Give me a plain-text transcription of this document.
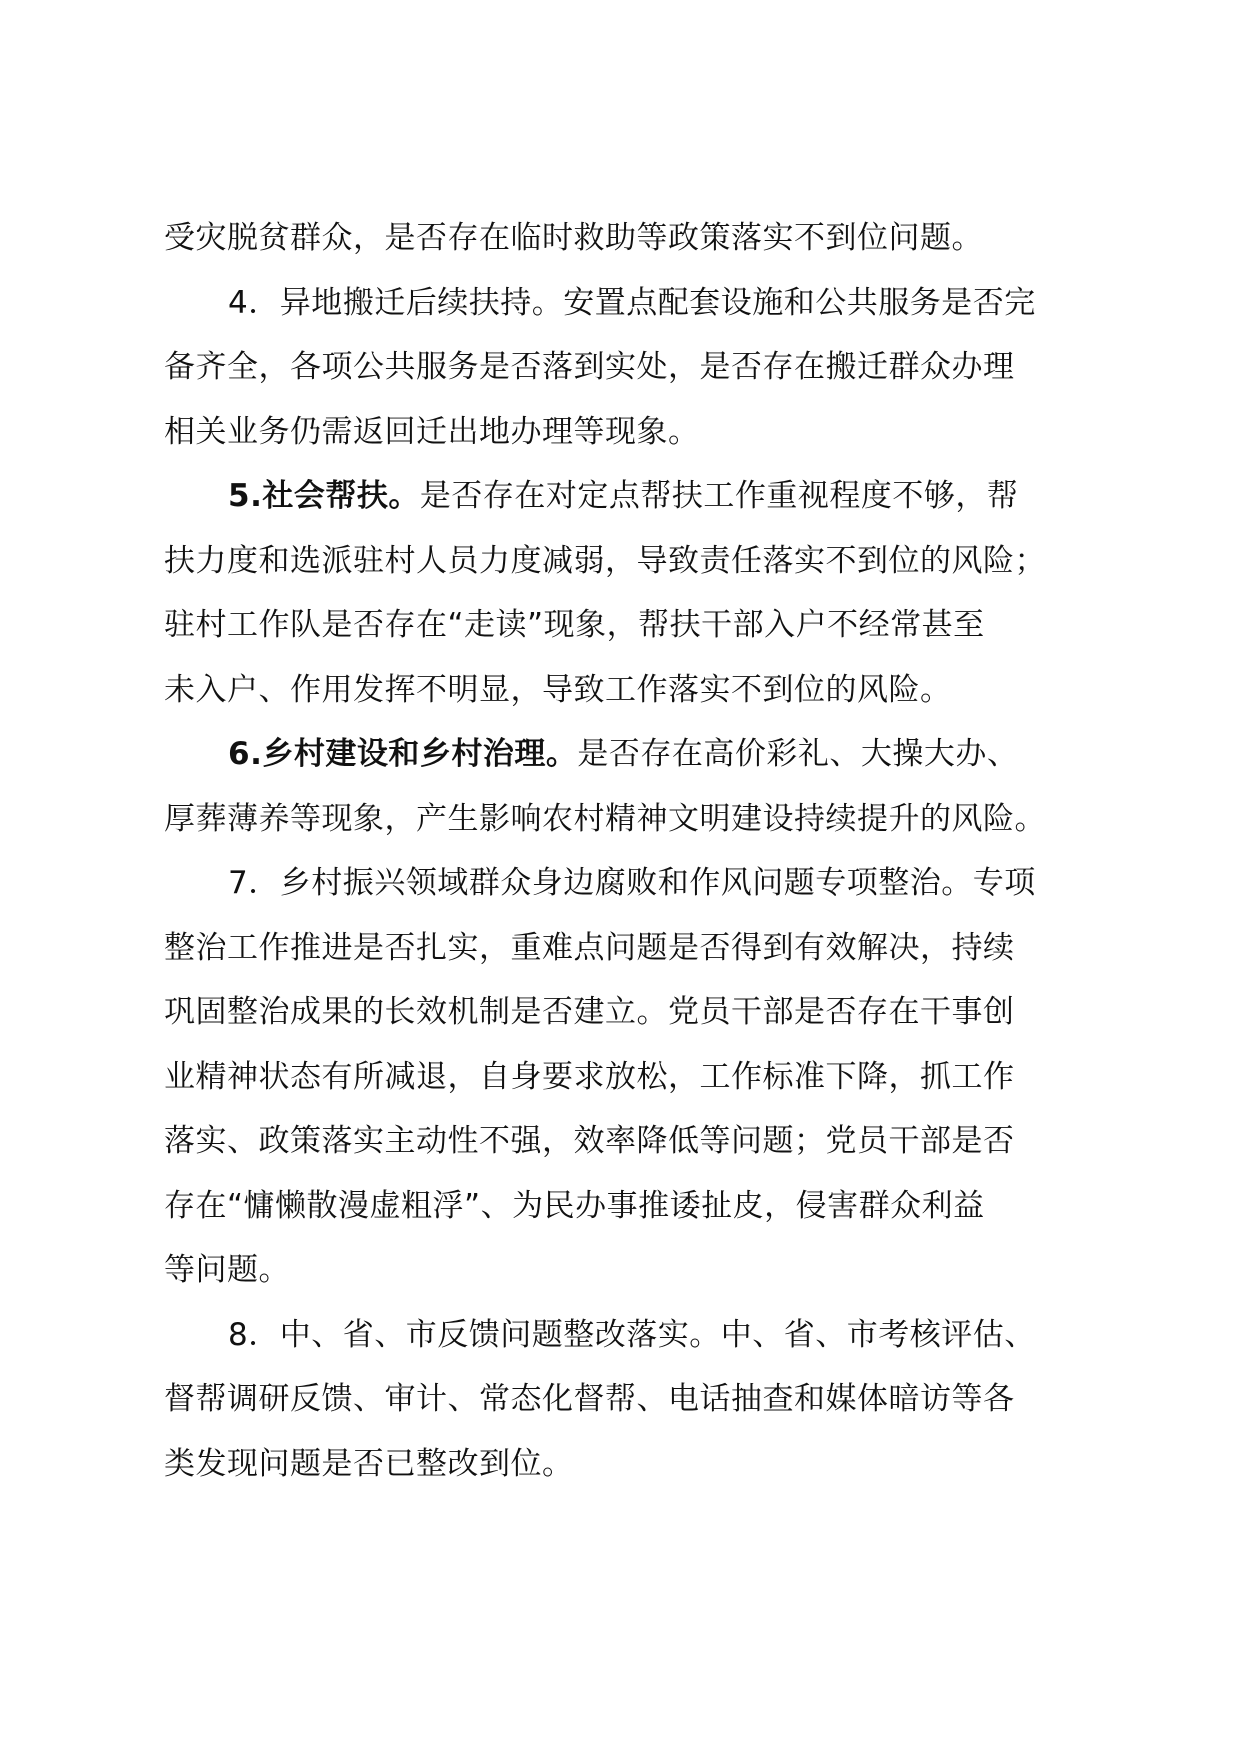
受灾脱贫群众，是否存在临时救助等政策落实不到位问题。
4．异地搬迁后续扶持。安置点配套设施和公共服务是否完
备齐全，各项公共服务是否落到实处，是否存在搬迁群众办理
相关业务仍需返回迁出地办理等现象。
5.社会帮扶。是否存在对定点帮扶工作重视程度不够，帮
扶力度和选派驻村人员力度减弱，导致责任落实不到位的风险；
驻村工作队是否存在“走读”现象，帮扶干部入户不经常甚至
未入户、作用发挥不明显，导致工作落实不到位的风险。
6.乡村建设和乡村治理。是否存在高价彩礼、大操大办、
厚葬薄养等现象，产生影响农村精神文明建设持续提升的风险。
7．乡村振兴领域群众身边腐败和作风问题专项整治。专项
整治工作推进是否扎实，重难点问题是否得到有效解决，持续
巩固整治成果的长效机制是否建立。党员干部是否存在干事创
业精神状态有所减退，自身要求放松，工作标准下降，抓工作
落实、政策落实主动性不强，效率降低等问题；党员干部是否
存在“慵懒散漫虚粗浮”、为民办事推诿扯皮，侵害群众利益
等问题。
8．中、省、市反馈问题整改落实。中、省、市考核评估、
督帮调研反馈、审计、常态化督帮、电话抽查和媒体暗访等各
类发现问题是否已整改到位。
